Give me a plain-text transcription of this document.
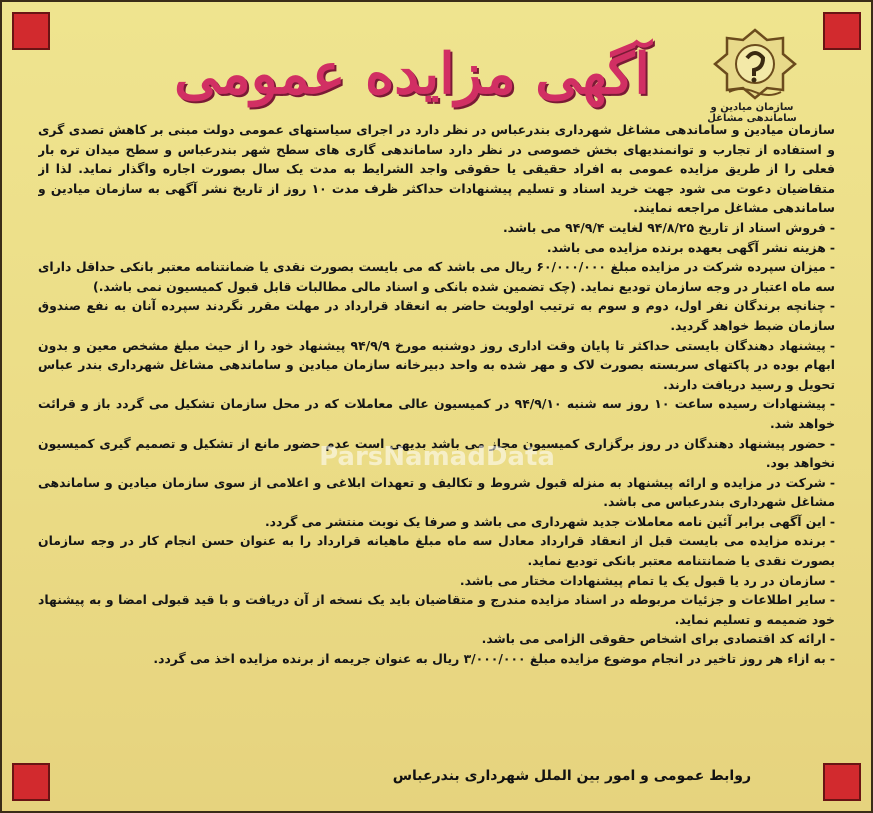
سازمان میادین و ساماندهی مشاغل
آگهی مزایده عمومی

سازمان میادین و ساماندهی مشاغل شهرداری بندرعباس در نظر دارد در اجرای سیاستهای عمومی دولت مبنی بر کاهش تصدی گری و استفاده از تجارب و توانمندیهای بخش خصوصی در نظر دارد ساماندهی گاری های سطح شهر بندرعباس و سطح میدان تره بار فعلی را از طریق مزایده عمومی به افراد حقیقی یا حقوقی واجد الشرایط به مدت یک سال بصورت اجاره واگذار نماید. لذا از متقاضیان دعوت می شود جهت خرید اسناد و تسلیم پیشنهادات حداکثر ظرف مدت ۱۰ روز از تاریخ نشر آگهی به سازمان میادین و ساماندهی مشاغل مراجعه نمایند.

-فروش اسناد از تاریخ ۹۴/۸/۲۵ لغایت ۹۴/۹/۴ می باشد.
-هزینه نشر آگهی بعهده برنده مزایده می باشد.
-میزان سپرده شرکت در مزایده مبلغ ۶۰/۰۰۰/۰۰۰ ریال می باشد که می بایست بصورت نقدی یا ضمانتنامه معتبر بانکی حداقل دارای سه ماه اعتبار در وجه سازمان تودیع نماید. (چک تضمین شده بانکی و اسناد مالی مطالبات قابل قبول کمیسیون نمی باشد.)
-چنانچه برندگان نفر اول، دوم و سوم به ترتیب اولویت حاضر به انعقاد قرارداد در مهلت مقرر نگردند سپرده آنان به نفع صندوق سازمان ضبط خواهد گردید.
-پیشنهاد دهندگان بایستی حداکثر تا پایان وقت اداری روز دوشنبه مورخ ۹۴/۹/۹ پیشنهاد خود را از حیث مبلغ مشخص معین و بدون ابهام بوده در پاکتهای سربسته بصورت لاک و مهر شده به واحد دبیرخانه سازمان میادین و ساماندهی مشاغل شهرداری بندر عباس تحویل و رسید دریافت دارند.
-پیشنهادات رسیده ساعت ۱۰ روز سه شنبه ۹۴/۹/۱۰ در کمیسیون عالی معاملات که در محل سازمان تشکیل می گردد باز و قرائت خواهد شد.
-حضور پیشنهاد دهندگان در روز برگزاری کمیسیون مجاز می باشد بدیهی است عدم حضور مانع از تشکیل و تصمیم گیری کمیسیون نخواهد بود.
-شرکت در مزایده و ارائه پیشنهاد به منزله قبول شروط و تکالیف و تعهدات ابلاغی و اعلامی از سوی سازمان میادین و ساماندهی مشاغل شهرداری بندرعباس می باشد.
-این آگهی برابر آئین نامه معاملات جدید شهرداری می باشد و صرفا یک نوبت منتشر می گردد.
-برنده مزایده می بایست قبل از انعقاد قرارداد معادل سه ماه مبلغ ماهیانه قرارداد را به عنوان حسن انجام کار در وجه سازمان بصورت نقدی یا ضمانتنامه معتبر بانکی تودیع نماید.
-سازمان در رد یا قبول یک یا تمام پیشنهادات مختار می باشد.
-سایر اطلاعات و جزئیات مربوطه در اسناد مزایده مندرج و متقاضیان باید یک نسخه از آن دریافت و با قید قبولی امضا و به پیشنهاد خود ضمیمه و تسلیم نماید.
-ارائه کد اقتصادی برای اشخاص حقوقی الزامی می باشد.
-به ازاء هر روز تاخیر در انجام موضوع مزایده مبلغ ۳/۰۰۰/۰۰۰ ریال به عنوان جریمه از برنده مزایده اخذ می گردد.
ParsNamadData
روابط عمومی و امور بین الملل شهرداری بندرعباس
